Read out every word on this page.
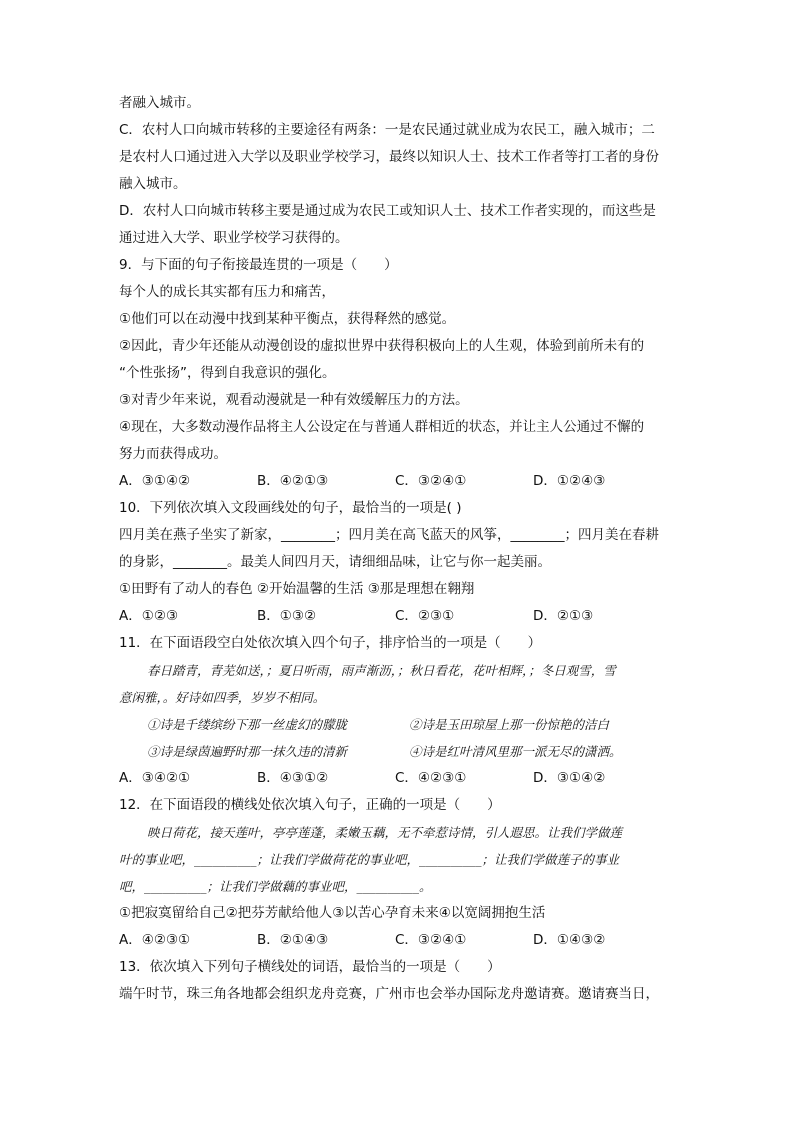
者融入城市。
C．农村人口向城市转移的主要途径有两条：一是农民通过就业成为农民工，融入城市；二
是农村人口通过进入大学以及职业学校学习，最终以知识人士、技术工作者等打工者的身份
融入城市。
D．农村人口向城市转移主要是通过成为农民工或知识人士、技术工作者实现的，而这些是
通过进入大学、职业学校学习获得的。
9．与下面的句子衔接最连贯的一项是（　　）
每个人的成长其实都有压力和痛苦，
①他们可以在动漫中找到某种平衡点，获得释然的感觉。
②因此，青少年还能从动漫创设的虚拟世界中获得积极向上的人生观，体验到前所未有的
“个性张扬”，得到自我意识的强化。
③对青少年来说，观看动漫就是一种有效缓解压力的方法。
④现在，大多数动漫作品将主人公设定在与普通人群相近的状态，并让主人公通过不懈的
努力而获得成功。
A．③①④②	B．④②①③	C．③②④①	D．①②④③
10．下列依次填入文段画线处的句子，最恰当的一项是( )
四月美在燕子坐实了新家，________；四月美在高飞蓝天的风筝，________；四月美在春耕
的身影，________。最美人间四月天，请细细品味，让它与你一起美丽。
①田野有了动人的春色 ②开始温馨的生活 ③那是理想在翱翔
A．①②③	B．①③②	C．②③①	D．②①③
11．在下面语段空白处依次填入四个句子，排序恰当的一项是（　　）
春日踏青，青芜如送，；夏日听雨，雨声渐沥，；秋日看花，花叶相辉，；冬日观雪，雪
意闲雅，。好诗如四季，岁岁不相同。
①诗是千缕缤纷下那一丝虚幻的朦胧	②诗是玉田琼屋上那一份惊艳的洁白
③诗是绿茵遍野时那一抹久违的清新	④诗是红叶清风里那一派无尽的潇洒。
A．③④②①	B．④③①②	C．④②③①	D．③①④②
12．在下面语段的横线处依次填入句子，正确的一项是（　　）
映日荷花，接天莲叶，亭亭莲蓬，柔嫩玉藕，无不牵惹诗情，引人遐思。让我们学做莲
叶的事业吧，__________；让我们学做荷花的事业吧，__________；让我们学做莲子的事业
吧，__________；让我们学做藕的事业吧，__________。
①把寂寞留给自己②把芬芳献给他人③以苦心孕育未来④以宽阔拥抱生活
A．④②③①	B．②①④③	C．③②④①	D．①④③②
13．依次填入下列句子横线处的词语，最恰当的一项是（　　）
端午时节，珠三角各地都会组织龙舟竞赛，广州市也会举办国际龙舟邀请赛。邀请赛当日，
